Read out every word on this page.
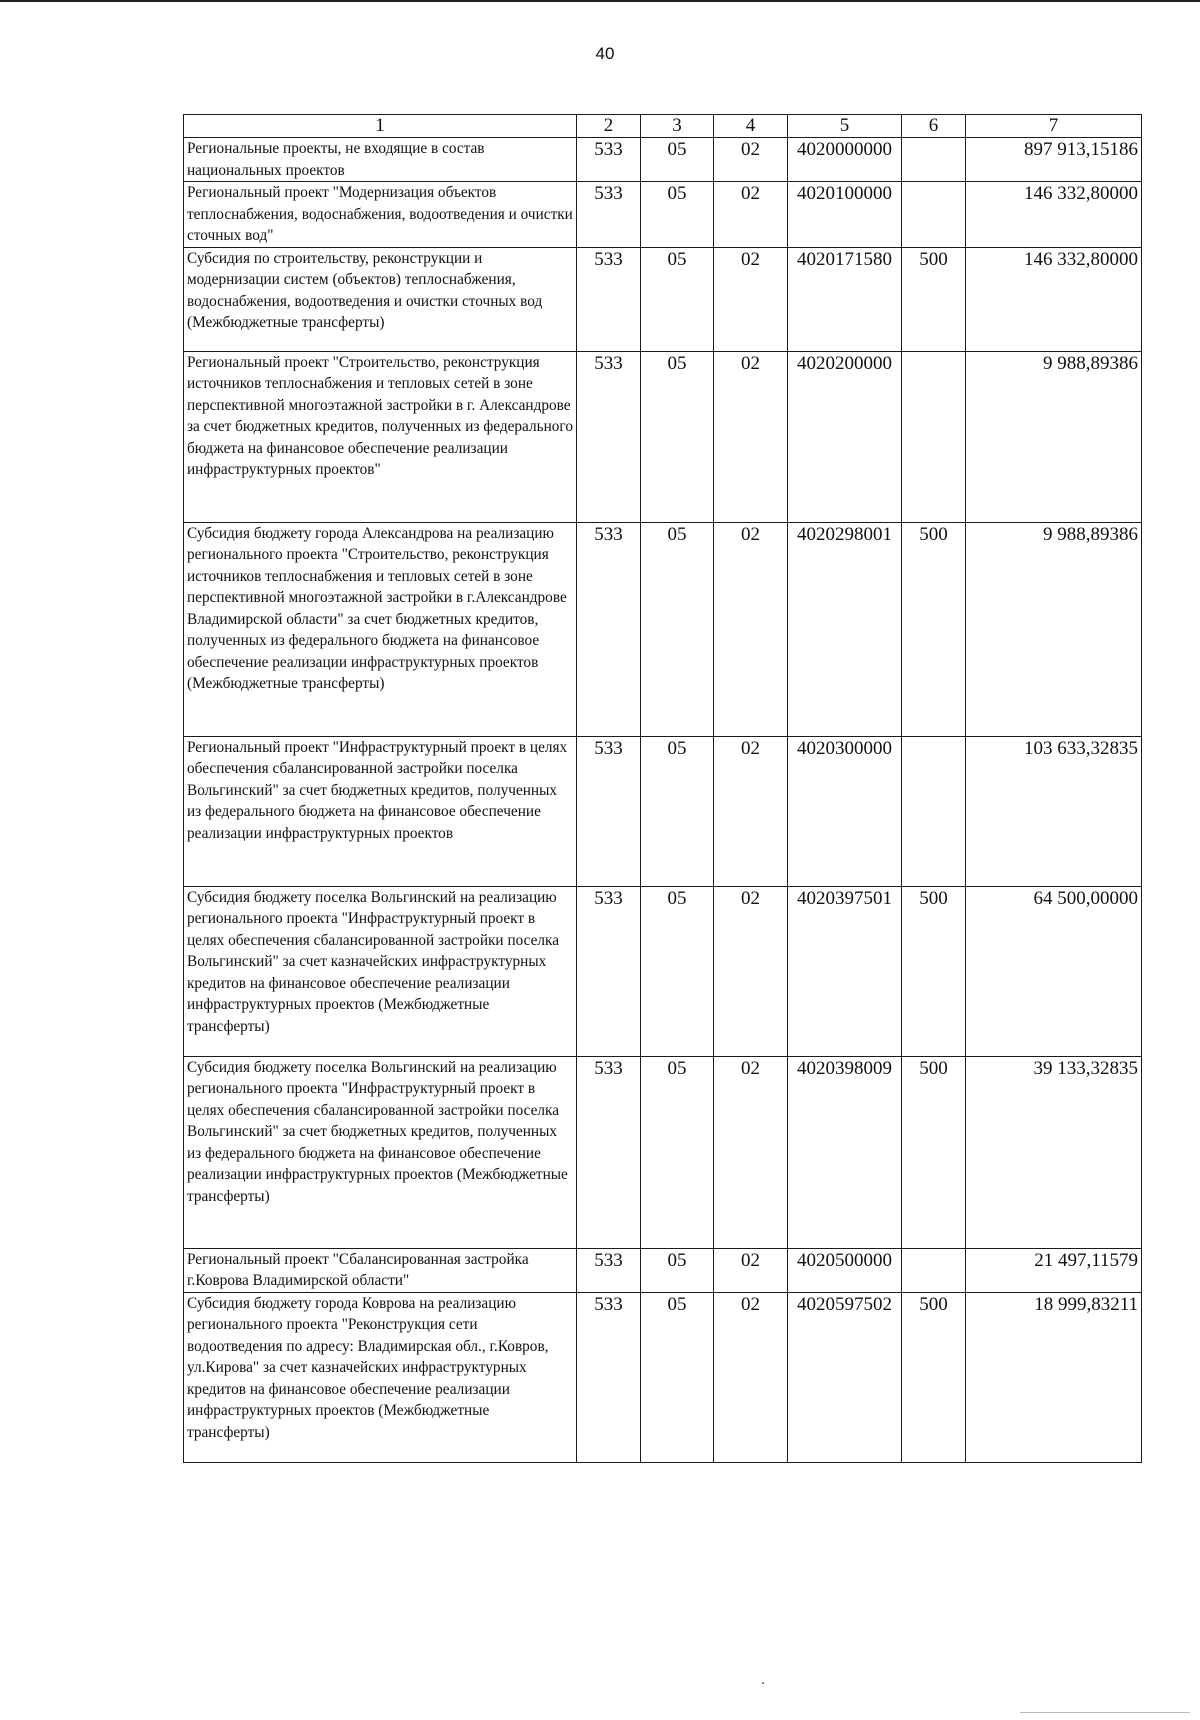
40
1	2	3	4	5	6	7
Региональные проекты, не входящие в состав национальных проектов	533	05	02	4020000000		897 913,15186
Региональный проект "Модернизация объектов теплоснабжения, водоснабжения, водоотведения и очистки сточных вод"	533	05	02	4020100000		146 332,80000
Субсидия по строительству, реконструкции и модернизации систем (объектов) теплоснабжения, водоснабжения, водоотведения и очистки сточных вод (Межбюджетные трансферты)	533	05	02	4020171580	500	146 332,80000
Региональный проект "Строительство, реконструкция источников теплоснабжения и тепловых сетей в зоне перспективной многоэтажной застройки в г. Александрове за счет бюджетных кредитов, полученных из федерального бюджета на финансовое обеспечение реализации инфраструктурных проектов"	533	05	02	4020200000		9 988,89386
Субсидия бюджету города Александрова на реализацию регионального проекта "Строительство, реконструкция источников теплоснабжения и тепловых сетей в зоне перспективной многоэтажной застройки в г.Александрове Владимирской области" за счет бюджетных кредитов, полученных из федерального бюджета на финансовое обеспечение реализации инфраструктурных проектов (Межбюджетные трансферты)	533	05	02	4020298001	500	9 988,89386
Региональный проект "Инфраструктурный проект в целях обеспечения сбалансированной застройки поселка Вольгинский" за счет бюджетных кредитов, полученных из федерального бюджета на финансовое обеспечение реализации инфраструктурных проектов	533	05	02	4020300000		103 633,32835
Субсидия бюджету поселка Вольгинский на реализацию регионального проекта "Инфраструктурный проект в целях обеспечения сбалансированной застройки поселка Вольгинский" за счет казначейских инфраструктурных кредитов на финансовое обеспечение реализации инфраструктурных проектов (Межбюджетные трансферты)	533	05	02	4020397501	500	64 500,00000
Субсидия бюджету поселка Вольгинский на реализацию регионального проекта "Инфраструктурный проект в целях обеспечения сбалансированной застройки поселка Вольгинский" за счет бюджетных кредитов, полученных из федерального бюджета на финансовое обеспечение реализации инфраструктурных проектов (Межбюджетные трансферты)	533	05	02	4020398009	500	39 133,32835
Региональный проект "Сбалансированная застройка г.Коврова Владимирской области"	533	05	02	4020500000		21 497,11579
Субсидия бюджету города Коврова на реализацию регионального проекта "Реконструкция сети водоотведения по адресу: Владимирская обл., г.Ковров, ул.Кирова" за счет казначейских инфраструктурных кредитов на финансовое обеспечение реализации инфраструктурных проектов (Межбюджетные трансферты)	533	05	02	4020597502	500	18 999,83211
